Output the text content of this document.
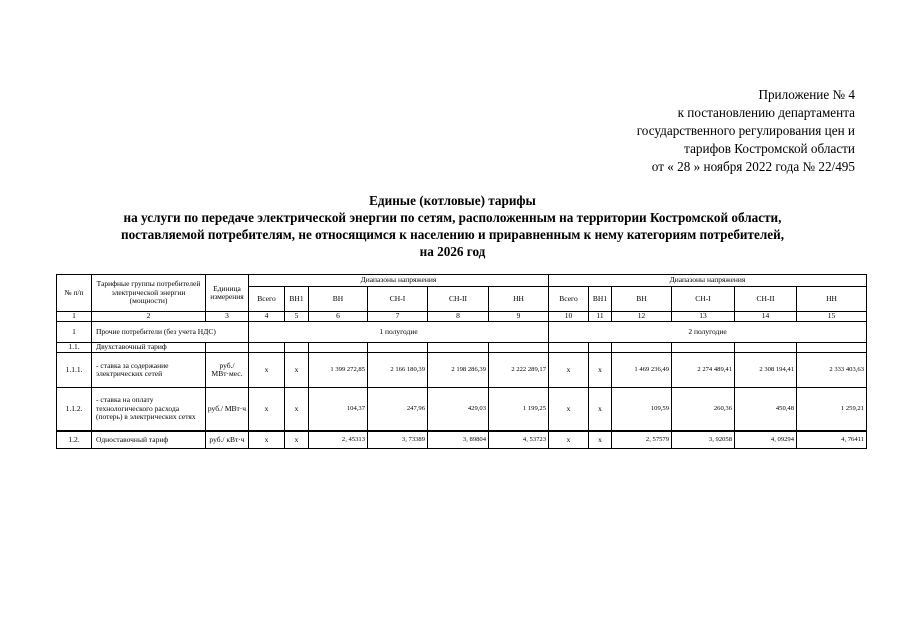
Приложение № 4
к постановлению департамента
государственного регулирования цен и
тарифов Костромской области
от « 28 » ноября 2022 года № 22/495
Единые (котловые) тарифы
на услуги по передаче электрической энергии по сетям, расположенным на территории Костромской области,
поставляемой потребителям, не относящимся к населению и приравненным к нему категориям потребителей,
на 2026 год
№ п/п	Тарифные группы потребителей электрической энергии (мощности)	Единица измерения	Диапазоны напряжения						Диапазоны напряжения					
			Всего	ВН1	ВН	СН-I	СН-II	НН	Всего	ВН1	ВН	СН-I	СН-II	НН
1	2	3	4	5	6	7	8	9	10	11	12	13	14	15
1	Прочие потребители (без учета НДС)		1 полугодие						2 полугодие					
1.1.	Двухставочный тариф													
1.1.1.	- ставка за содержание электрических сетей	руб./ МВт·мес.	х	х	1 399 272,85	2 166 180,39	2 198 286,39	2 222 289,17	х	х	1 469 236,49	2 274 489,41	2 308 194,41	2 333 403,63
1.1.2.	- ставка на оплату технологического расхода (потерь) в электрических сетях	руб./ МВт·ч	х	х	104,37	247,96	429,03	1 199,25	х	х	109,59	260,36	450,48	1 259,21
1.2.	Одноставочный тариф	руб./ кВт·ч	х	х	2, 45313	3, 73389	3, 89804	4, 53723	х	х	2, 57579	3, 92058	4, 09294	4, 76411
